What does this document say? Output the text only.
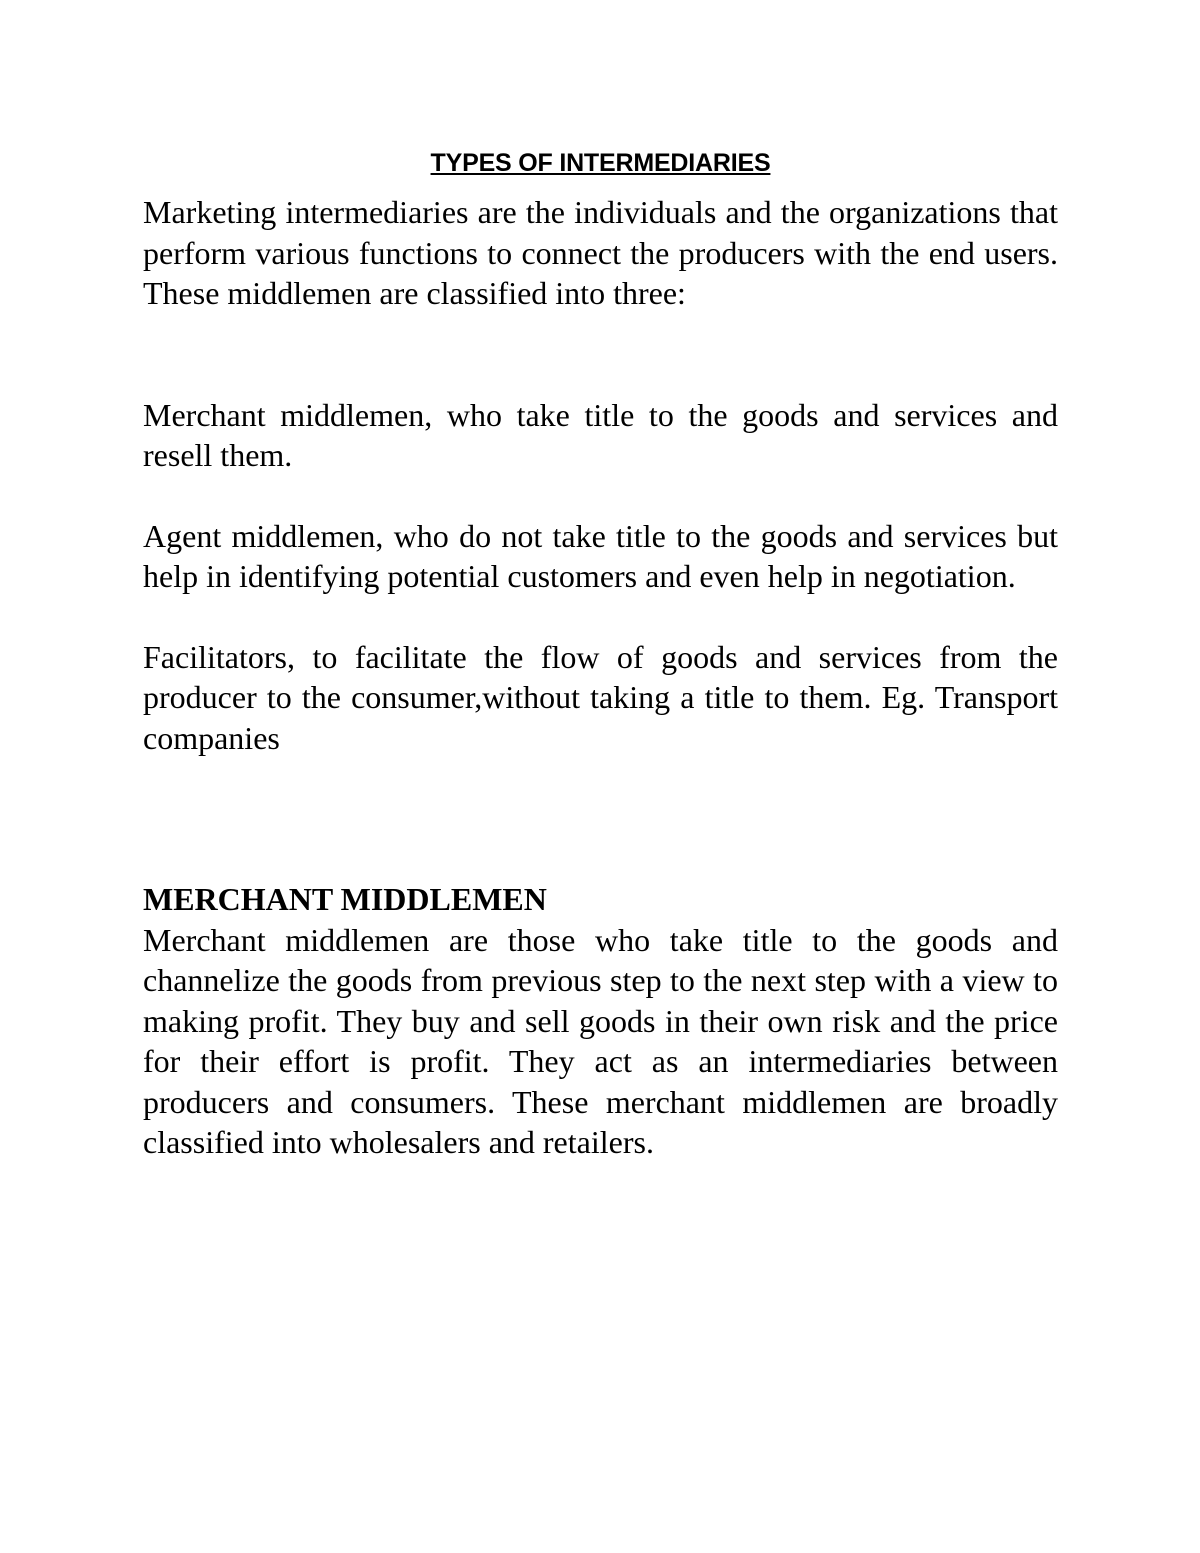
TYPES OF INTERMEDIARIES

Marketing intermediaries are the individuals and the organizations that perform various functions to connect the producers with the end users. These middlemen are classified into three:

Merchant middlemen, who take title to the goods and services and resell them.

Agent middlemen, who do not take title to the goods and services but help in identifying potential customers and even help in negotiation.

Facilitators, to facilitate the flow of goods and services from the producer to the consumer,without taking a title to them. Eg. Transport companies

MERCHANT MIDDLEMEN

Merchant middlemen are those who take title to the goods and channelize the goods from previous step to the next step with a view to making profit. They buy and sell goods in their own risk and the price for their effort is profit. They act as an intermediaries between producers and consumers. These merchant middlemen are broadly classified into wholesalers and retailers.
